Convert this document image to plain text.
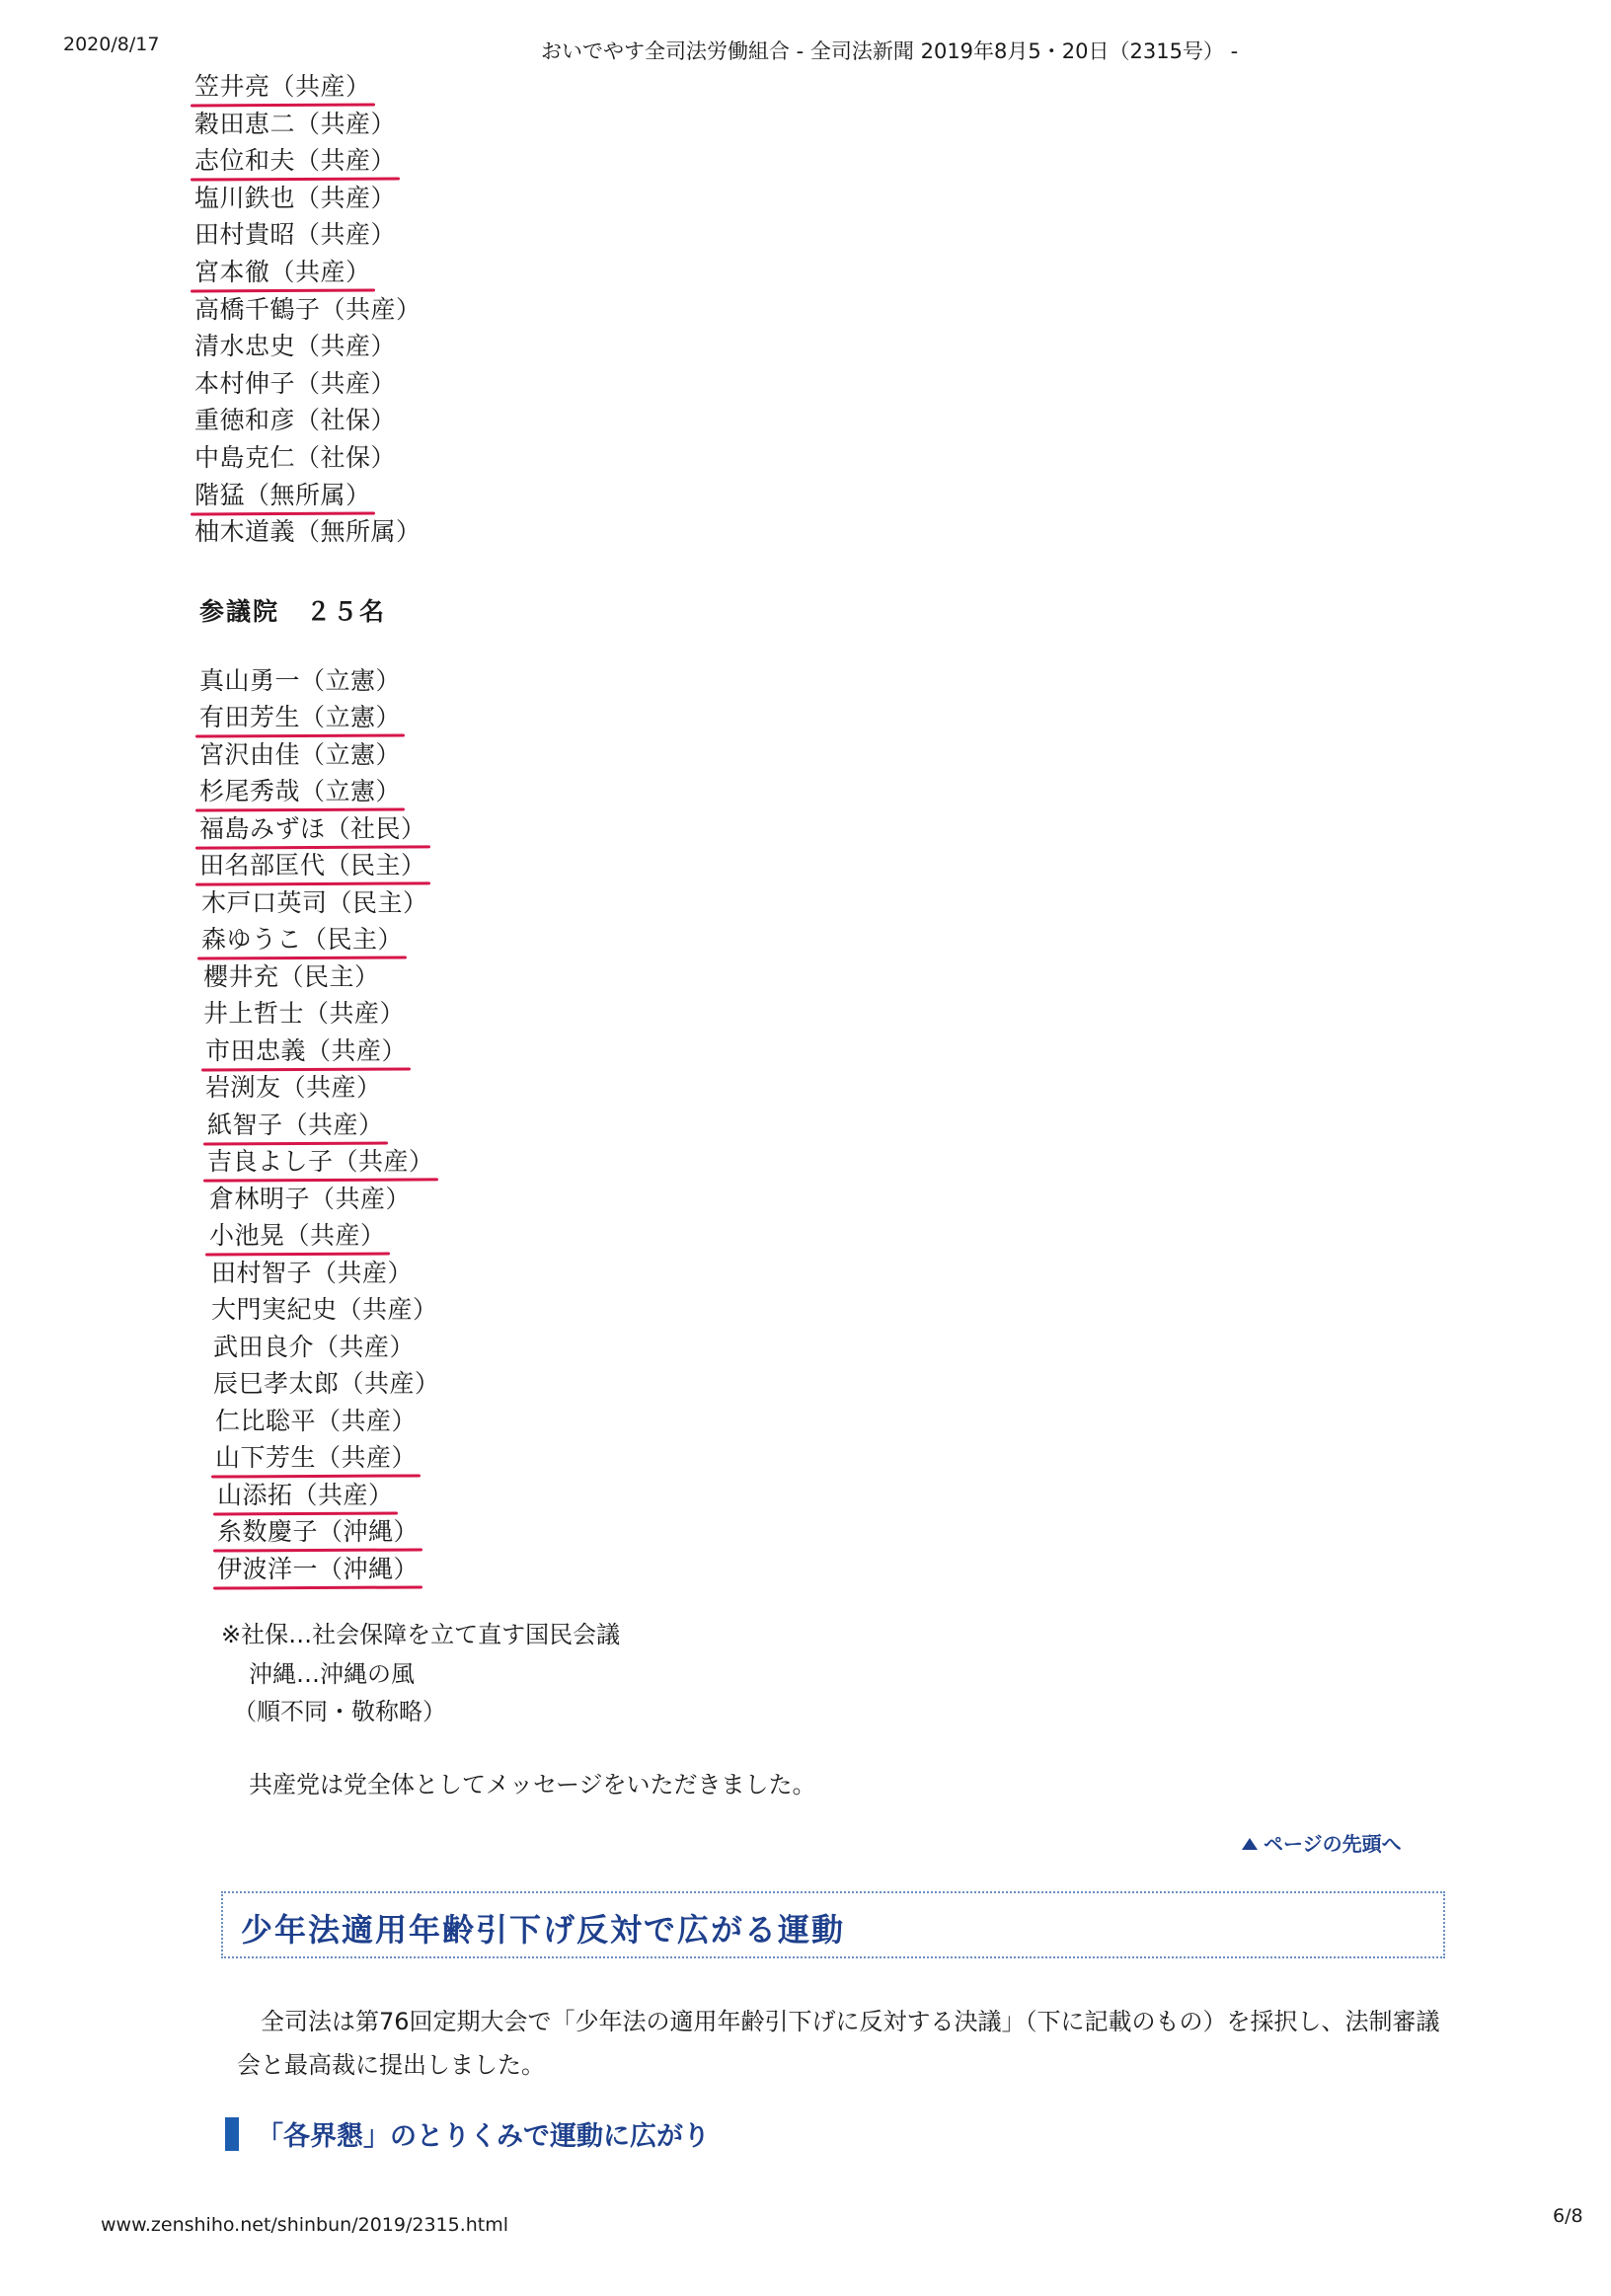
2020/8/17	おいでやす全司法労働組合 - 全司法新聞 2019年8月5・20日（2315号） -
笠井亮（共産）
穀田恵二（共産）
志位和夫（共産）
塩川鉄也（共産）
田村貴昭（共産）
宮本徹（共産）
高橋千鶴子（共産）
清水忠史（共産）
本村伸子（共産）
重徳和彦（社保）
中島克仁（社保）
階猛（無所属）
柚木道義（無所属）
参議院　２５名
真山勇一（立憲）
有田芳生（立憲）
宮沢由佳（立憲）
杉尾秀哉（立憲）
福島みずほ（社民）
田名部匡代（民主）
木戸口英司（民主）
森ゆうこ（民主）
櫻井充（民主）
井上哲士（共産）
市田忠義（共産）
岩渕友（共産）
紙智子（共産）
吉良よし子（共産）
倉林明子（共産）
小池晃（共産）
田村智子（共産）
大門実紀史（共産）
武田良介（共産）
辰巳孝太郎（共産）
仁比聡平（共産）
山下芳生（共産）
山添拓（共産）
糸数慶子（沖縄）
伊波洋一（沖縄）
※社保…社会保障を立て直す国民会議
沖縄…沖縄の風
（順不同・敬称略）
共産党は党全体としてメッセージをいただきました。
ページの先頭へ
少年法適用年齢引下げ反対で広がる運動
全司法は第76回定期大会で「少年法の適用年齢引下げに反対する決議」（下に記載のもの）を採択し、法制審議会と最高裁に提出しました。
「各界懇」のとりくみで運動に広がり
www.zenshiho.net/shinbun/2019/2315.html	6/8
